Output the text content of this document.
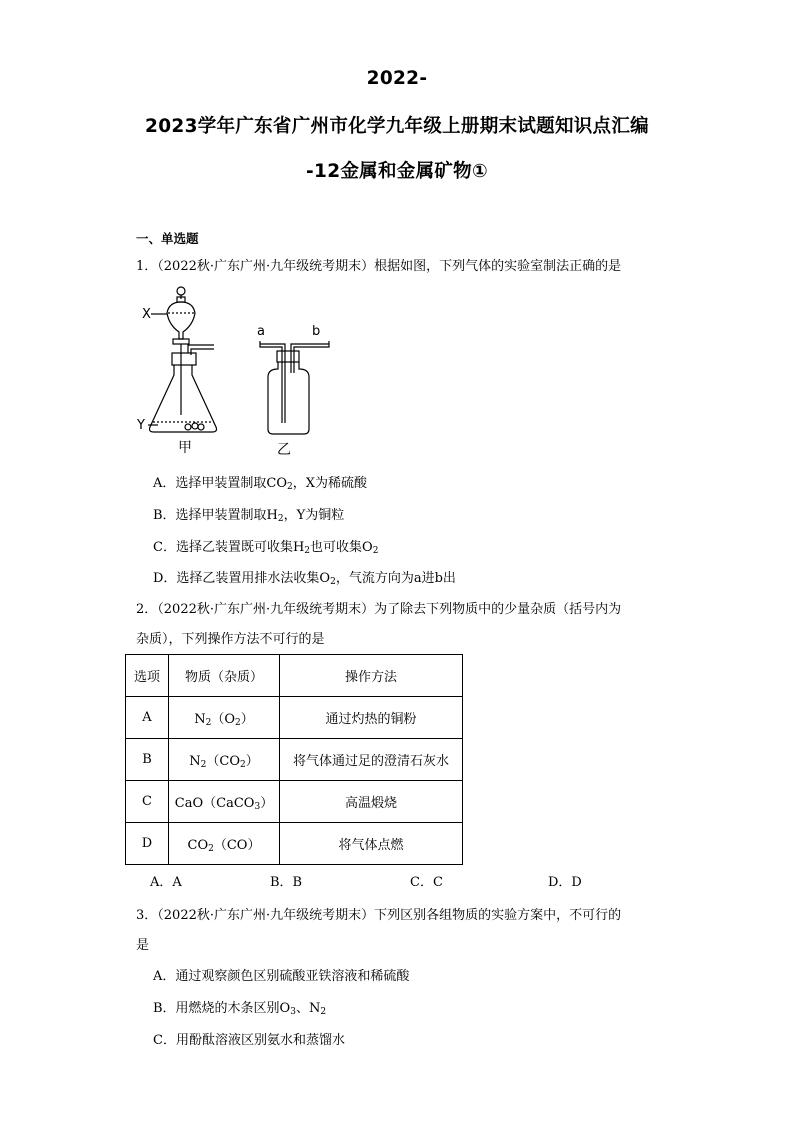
2022-
2023学年广东省广州市化学九年级上册期末试题知识点汇编
-12金属和金属矿物①
一、单选题
1．（2022秋·广东广州·九年级统考期末）根据如图，下列气体的实验室制法正确的是
X
Y
甲
a	b
乙
A．选择甲装置制取$CO_2$，X为稀硫酸
B．选择甲装置制取$H_2$，Y为铜粒
C．选择乙装置既可收集$H_2$也可收集$O_2$
D．选择乙装置用排水法收集$O_2$，气流方向为a进b出
2．（2022秋·广东广州·九年级统考期末）为了除去下列物质中的少量杂质（括号内为
杂质），下列操作方法不可行的是
选项	物质（杂质）	操作方法
A	$N_2(O_2)$	通过灼热的铜粉
B	$N_2(CO_2)$	将气体通过足的澄清石灰水
C	CaO（CaCO$_3$）	高温煅烧
D	$CO_2(CO)$	将气体点燃
A．A	B．B	C．C	D．D
3．（2022秋·广东广州·九年级统考期末）下列区别各组物质的实验方案中，不可行的
是
A．通过观察颜色区别硫酸亚铁溶液和稀硫酸
B．用燃烧的木条区别$O_3$、$N_2$
C．用酚酞溶液区别氨水和蒸馏水
